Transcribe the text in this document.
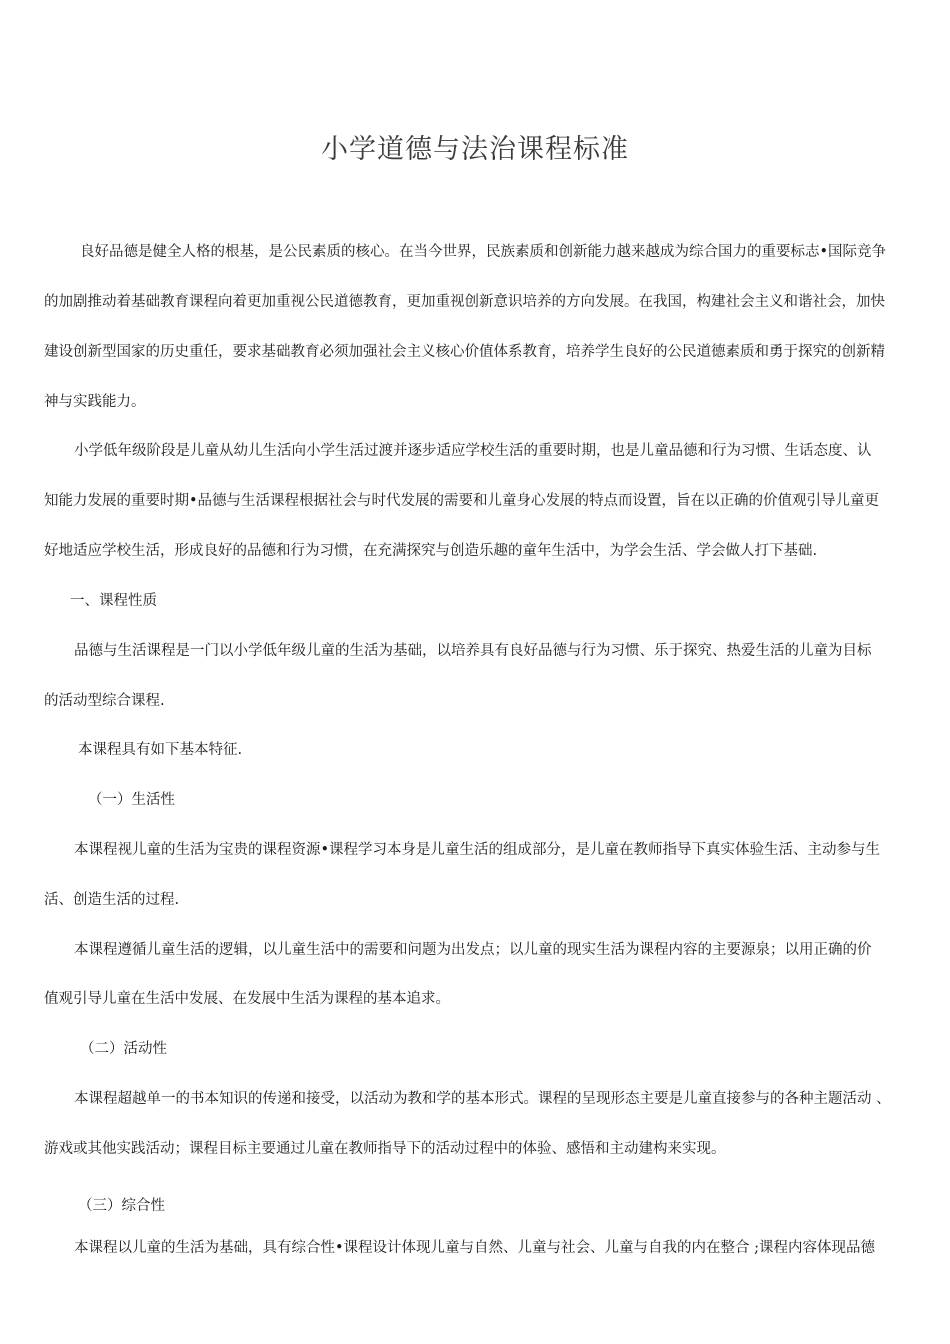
小学道德与法治课程标准

良好品德是健全人格的根基，是公民素质的核心。在当今世界，民族素质和创新能力越来越成为综合国力的重要标志•国际竞争

的加剧推动着基础教育课程向着更加重视公民道德教育，更加重视创新意识培养的方向发展。在我国，构建社会主义和谐社会，加快

建设创新型国家的历史重任，要求基础教育必须加强社会主义核心价值体系教育，培养学生良好的公民道德素质和勇于探究的创新精

神与实践能力。

小学低年级阶段是儿童从幼儿生活向小学生活过渡并逐步适应学校生活的重要时期，也是儿童品德和行为习惯、生话态度、认

知能力发展的重要时期•品德与生活课程根据社会与时代发展的需要和儿童身心发展的特点而设置，旨在以正确的价值观引导儿童更

好地适应学校生活，形成良好的品德和行为习惯，在充满探究与创造乐趣的童年生活中，为学会生活、学会做人打下基础.

一、课程性质

品德与生活课程是一门以小学低年级儿童的生活为基础，以培养具有良好品德与行为习惯、乐于探究、热爱生活的儿童为目标

的活动型综合课程.

本课程具有如下基本特征.

（一）生活性

本课程视儿童的生活为宝贵的课程资源•课程学习本身是儿童生活的组成部分，是儿童在教师指导下真实体验生活、主动参与生

活、创造生活的过程.

本课程遵循儿童生活的逻辑，以儿童生活中的需要和问题为出发点；以儿童的现实生活为课程内容的主要源泉；以用正确的价

值观引导儿童在生活中发展、在发展中生活为课程的基本追求。

（二）活动性

本课程超越单一的书本知识的传递和接受，以活动为教和学的基本形式。课程的呈现形态主要是儿童直接参与的各种主题活动 、

游戏或其他实践活动；课程目标主要通过儿童在教师指导下的活动过程中的体验、感悟和主动建构来实现。

（三）综合性

本课程以儿童的生活为基础，具有综合性•课程设计体现儿童与自然、儿童与社会、儿童与自我的内在整合 ;课程内容体现品德
